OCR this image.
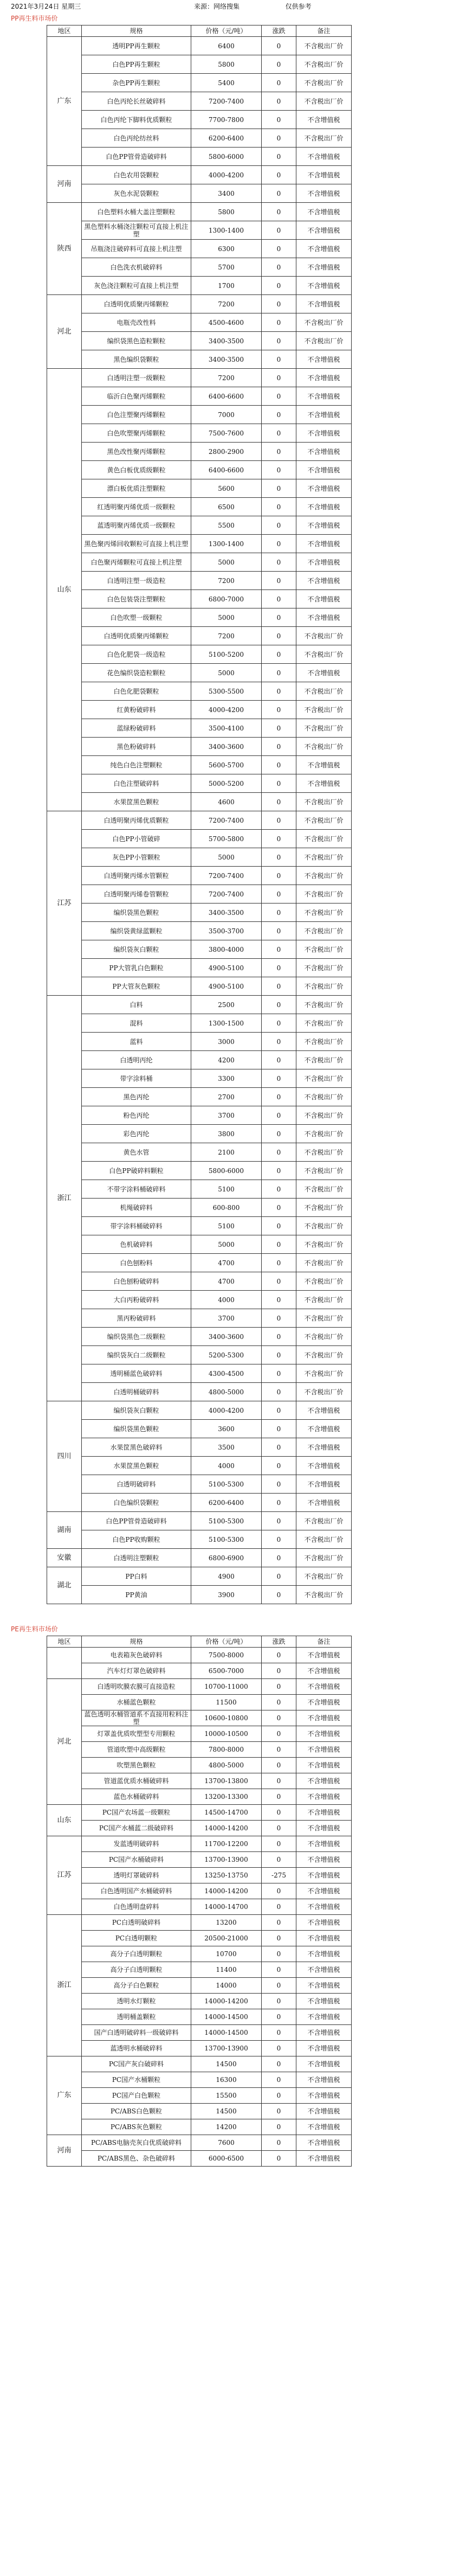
2021年3月24日 星期三	来源：网络搜集	仅供参考
PP再生料市场价
地区	规格	价格（元/吨）	涨跌	备注
广东	透明PP再生颗粒	6400	0	不含税出厂价
	白色PP再生颗粒	5800	0	不含税出厂价
	杂色PP再生颗粒	5400	0	不含税出厂价
	白色丙纶长丝破碎料	7200-7400	0	不含税出厂价
	白色丙纶下脚料优质颗粒	7700-7800	0	不含增值税
	白色丙纶纺丝料	6200-6400	0	不含税出厂价
	白色PP管骨造破碎料	5800-6000	0	不含增值税
河南	白色农用袋颗粒	4000-4200	0	不含增值税
	灰色水泥袋颗粒	3400	0	不含增值税
陕西	白色塑料水桶大盖注塑颗粒	5800	0	不含增值税
	黑色塑料水桶浇注颗粒可直接上机注塑	1300-1400	0	不含增值税
	吊瓶浇注破碎料可直接上机注塑	6300	0	不含增值税
	白色洗衣机破碎料	5700	0	不含增值税
	灰色浇注颗粒可直接上机注塑	1700	0	不含增值税
河北	白透明优质聚丙烯颗粒	7200	0	不含增值税
	电瓶壳改性料	4500-4600	0	不含税出厂价
	编织袋黑色造粒颗粒	3400-3500	0	不含税出厂价
	黑色编织袋颗粒	3400-3500	0	不含增值税
山东	白透明注塑一级颗粒	7200	0	不含增值税
	临沂白色聚丙烯颗粒	6400-6600	0	不含增值税
	白色注塑聚丙烯颗粒	7000	0	不含增值税
	白色吹塑聚丙烯颗粒	7500-7600	0	不含增值税
	黑色改性聚丙烯颗粒	2800-2900	0	不含增值税
	黄色白板优质级颗粒	6400-6600	0	不含增值税
	漂白板优质注塑颗粒	5600	0	不含增值税
	红透明聚丙烯优质一级颗粒	6500	0	不含增值税
	蓝透明聚丙烯优质一级颗粒	5500	0	不含增值税
	黑色聚丙烯回收颗粒可直接上机注塑	1300-1400	0	不含增值税
	白色聚丙烯颗粒可直接上机注塑	5000	0	不含增值税
	白透明注塑一级造粒	7200	0	不含增值税
	白色包装袋注塑颗粒	6800-7000	0	不含增值税
	白色吹塑一级颗粒	5000	0	不含增值税
	白透明优质聚丙烯颗粒	7200	0	不含税出厂价
	白色化肥袋一级造粒	5100-5200	0	不含税出厂价
	花色编织袋造粒颗粒	5000	0	不含增值税
	白色化肥袋颗粒	5300-5500	0	不含税出厂价
	红黄粉破碎料	4000-4200	0	不含税出厂价
	蓝绿粉破碎料	3500-4100	0	不含税出厂价
	黑色粉破碎料	3400-3600	0	不含税出厂价
	纯色白色注塑颗粒	5600-5700	0	不含增值税
	白色注塑破碎料	5000-5200	0	不含增值税
	水果筐黑色颗粒	4600	0	不含税出厂价
江苏	白透明聚丙烯优质颗粒	7200-7400	0	不含税出厂价
	白色PP小管破碎	5700-5800	0	不含税出厂价
	灰色PP小管颗粒	5000	0	不含税出厂价
	白透明聚丙烯水管颗粒	7200-7400	0	不含税出厂价
	白透明聚丙烯卷管颗粒	7200-7400	0	不含税出厂价
	编织袋黑色颗粒	3400-3500	0	不含税出厂价
	编织袋黄绿蓝颗粒	3500-3700	0	不含税出厂价
	编织袋灰白颗粒	3800-4000	0	不含税出厂价
	PP大管乳白色颗粒	4900-5100	0	不含税出厂价
	PP大管灰色颗粒	4900-5100	0	不含税出厂价
浙江	白料	2500	0	不含税出厂价
	混料	1300-1500	0	不含税出厂价
	蓝料	3000	0	不含税出厂价
	白透明丙纶	4200	0	不含税出厂价
	带字涂料桶	3300	0	不含税出厂价
	黑色丙纶	2700	0	不含税出厂价
	粉色丙纶	3700	0	不含税出厂价
	彩色丙纶	3800	0	不含税出厂价
	黄色水管	2100	0	不含税出厂价
	白色PP破碎料颗粒	5800-6000	0	不含税出厂价
	不带字涂料桶破碎料	5100	0	不含税出厂价
	机绳破碎料	600-800	0	不含税出厂价
	带字涂料桶破碎料	5100	0	不含税出厂价
	色机破碎料	5000	0	不含税出厂价
	白色刨粉料	4700	0	不含税出厂价
	白色刨粉破碎料	4700	0	不含税出厂价
	大白丙粉破碎料	4000	0	不含税出厂价
	黑丙粉破碎料	3700	0	不含税出厂价
	编织袋黑色二级颗粒	3400-3600	0	不含税出厂价
	编织袋灰白二级颗粒	5200-5300	0	不含税出厂价
	透明桶蓝色破碎料	4300-4500	0	不含税出厂价
	白透明桶破碎料	4800-5000	0	不含税出厂价
四川	编织袋灰白颗粒	4000-4200	0	不含增值税
	编织袋黑色颗粒	3600	0	不含增值税
	水果筐黑色破碎料	3500	0	不含增值税
	水果筐黑色颗粒	4000	0	不含增值税
	白透明破碎料	5100-5300	0	不含增值税
	白色编织袋颗粒	6200-6400	0	不含增值税
湖南	白色PP管骨造破碎料	5100-5300	0	不含税出厂价
	白色PP收购颗粒	5100-5300	0	不含税出厂价
安徽	白透明注塑颗粒	6800-6900	0	不含税出厂价
湖北	PP白料	4900	0	不含税出厂价
	PP黄油	3900	0	不含税出厂价
PE再生料市场价
地区	规格	价格（元/吨）	涨跌	备注
	电表箱灰色破碎料	7500-8000	0	不含增值税
	汽车灯灯罩色破碎料	6500-7000	0	不含增值税
河北	白透明吹膜农膜可直接造粒	10700-11000	0	不含增值税
	水桶蓝色颗粒	11500	0	不含增值税
	蓝色透明水桶管道系不直接用粒料注塑	10600-10800	0	不含增值税
	灯罩盖优质吹塑型专用颗粒	10000-10500	0	不含增值税
	管道吹塑中高级颗粒	7800-8000	0	不含增值税
	吹塑黑色颗粒	4800-5000	0	不含增值税
	管道蓝优质水桶破碎料	13700-13800	0	不含增值税
	蓝色水桶破碎料	13200-13300	0	不含增值税
山东	PC国产农场蓝一级颗粒	14500-14700	0	不含增值税
	PC国产水桶蓝二级破碎料	14000-14200	0	不含增值税
江苏	发蓝透明破碎料	11700-12200	0	不含增值税
	PC国产水桶破碎料	13700-13900	0	不含增值税
	透明灯罩破碎料	13250-13750	-275	不含增值税
	白色透明国产水桶破碎料	14000-14200	0	不含增值税
	白色透明盘碎料	14000-14700	0	不含增值税
浙江	PC白透明破碎料	13200	0	不含增值税
	PC白透明颗粒	20500-21000	0	不含增值税
	高分子白透明颗粒	10700	0	不含增值税
	高分子白透明颗粒	11400	0	不含增值税
	高分子白色颗粒	14000	0	不含增值税
	透明水灯颗粒	14000-14200	0	不含增值税
	透明桶盖颗粒	14000-14500	0	不含增值税
	国产白透明破碎料一级破碎料	14000-14500	0	不含增值税
	蓝透明水桶破碎料	13700-13900	0	不含增值税
广东	PC国产灰白破碎料	14500	0	不含增值税
	PC国产水桶颗粒	16300	0	不含增值税
	PC国产白色颗粒	15500	0	不含增值税
	PC/ABS白色颗粒	14500	0	不含增值税
	PC/ABS灰色颗粒	14200	0	不含增值税
河南	PC/ABS电脑壳灰白优质破碎料	7600	0	不含增值税
	PC/ABS黑色、杂色破碎料	6000-6500	0	不含增值税
